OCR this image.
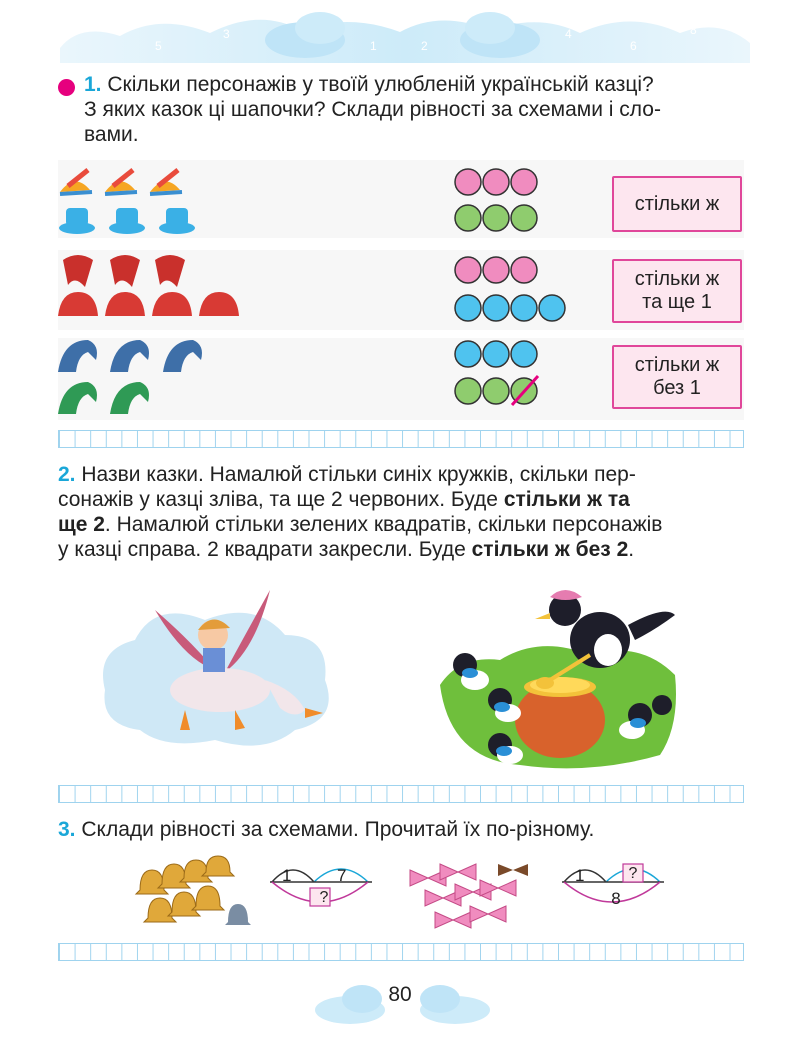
7
5
3
1
0
2
4
6
8
1. Скільки персонажів у твоїй улюбленій українській казці?
З яких казок ці шапочки? Склади рівності за схемами і сло-
вами.
стільки ж
стільки ж
та ще 1
стільки ж
без 1
2. Назви казки. Намалюй стільки синіх кружків, скільки пер-
сонажів у казці зліва, та ще 2 червоних. Буде стільки ж та
ще 2. Намалюй стільки зелених квадратів, скільки персонажів
у казці справа. 2 квадрати закресли. Буде стільки ж без 2.
3. Склади рівності за схемами. Прочитай їх по-різному.
1	7
?
1	?
8
80
